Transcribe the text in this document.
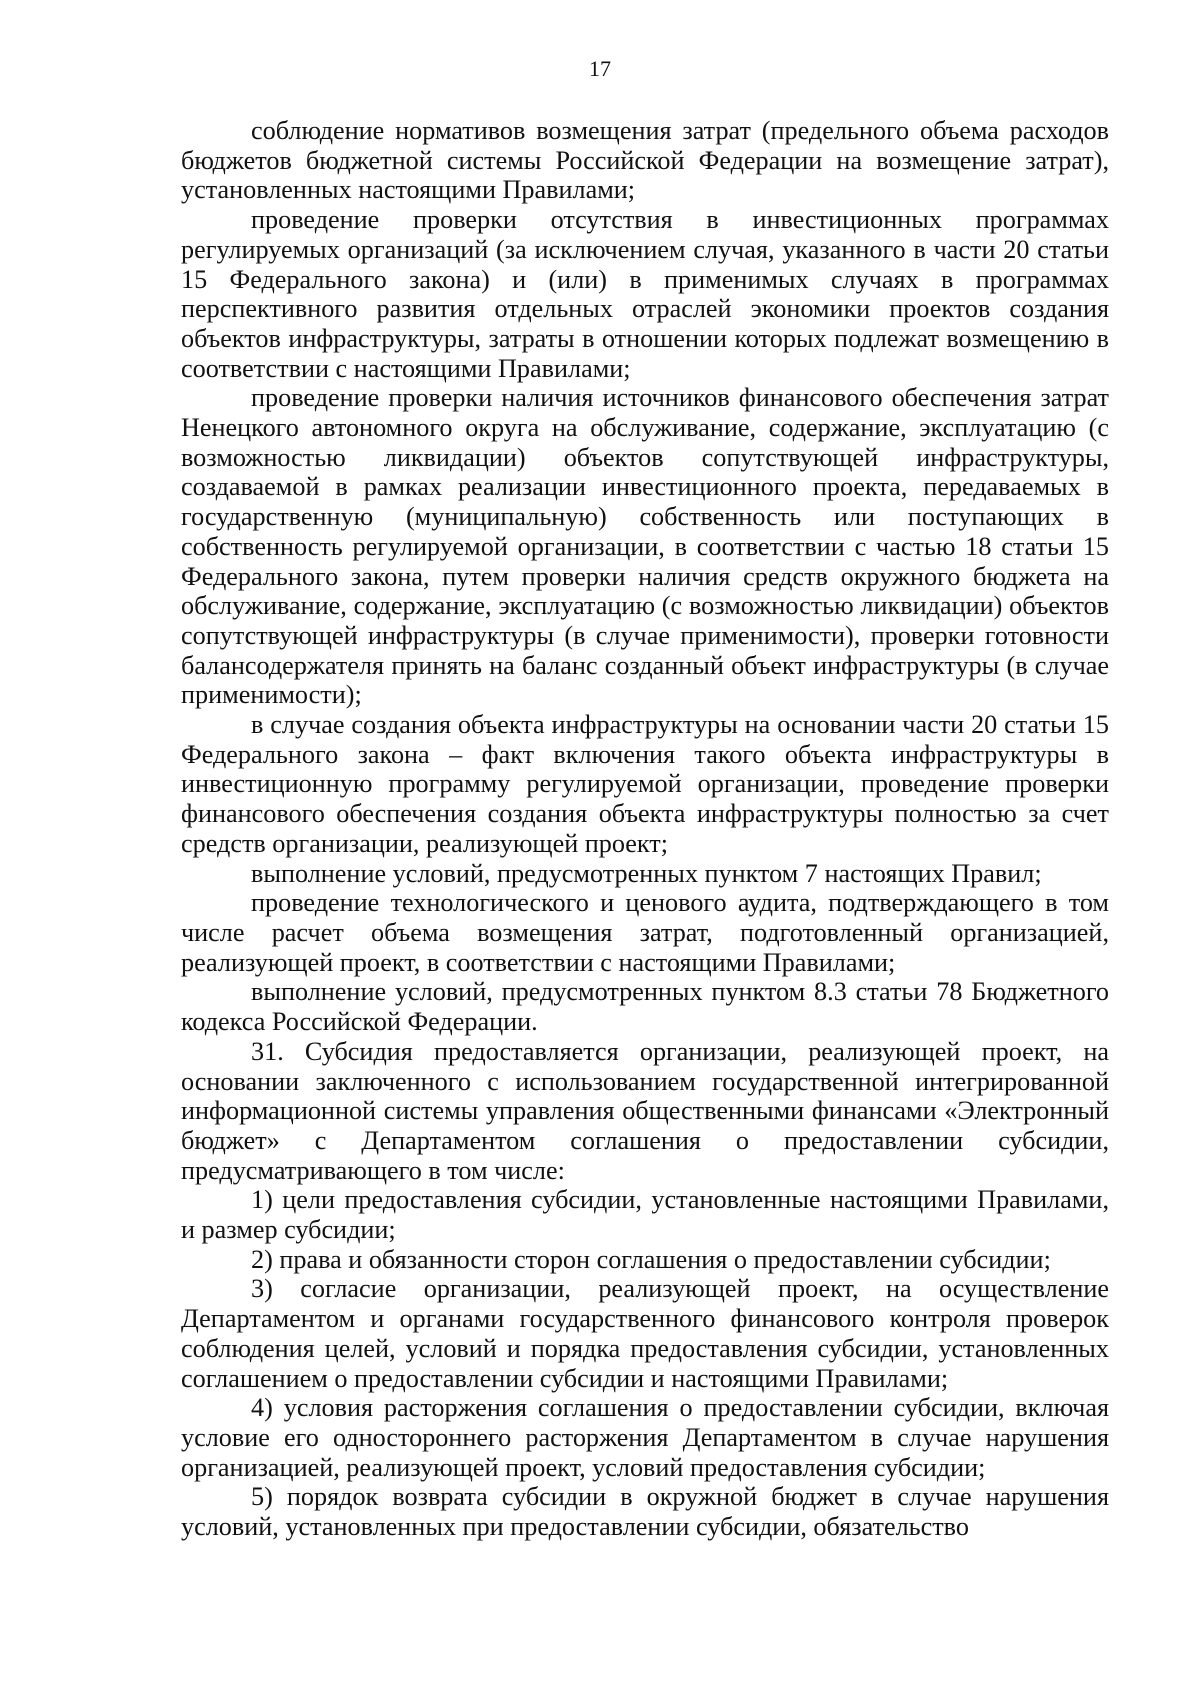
17

соблюдение нормативов возмещения затрат (предельного объема расходов бюджетов бюджетной системы Российской Федерации на возмещение затрат), установленных настоящими Правилами;

проведение проверки отсутствия в инвестиционных программах регулируемых организаций (за исключением случая, указанного в части 20 статьи 15 Федерального закона) и (или) в применимых случаях в программах перспективного развития отдельных отраслей экономики проектов создания объектов инфраструктуры, затраты в отношении которых подлежат возмещению в соответствии с настоящими Правилами;

проведение проверки наличия источников финансового обеспечения затрат Ненецкого автономного округа на обслуживание, содержание, эксплуатацию (с возможностью ликвидации) объектов сопутствующей инфраструктуры, создаваемой в рамках реализации инвестиционного проекта, передаваемых в государственную (муниципальную) собственность или поступающих в собственность регулируемой организации, в соответствии с частью 18 статьи 15 Федерального закона, путем проверки наличия средств окружного бюджета на обслуживание, содержание, эксплуатацию (с возможностью ликвидации) объектов сопутствующей инфраструктуры (в случае применимости), проверки готовности балансодержателя принять на баланс созданный объект инфраструктуры (в случае применимости);

в случае создания объекта инфраструктуры на основании части 20 статьи 15 Федерального закона – факт включения такого объекта инфраструктуры в инвестиционную программу регулируемой организации, проведение проверки финансового обеспечения создания объекта инфраструктуры полностью за счет средств организации, реализующей проект;

выполнение условий, предусмотренных пунктом 7 настоящих Правил;

проведение технологического и ценового аудита, подтверждающего в том числе расчет объема возмещения затрат, подготовленный организацией, реализующей проект, в соответствии с настоящими Правилами;

выполнение условий, предусмотренных пунктом 8.3 статьи 78 Бюджетного кодекса Российской Федерации.

31. Субсидия предоставляется организации, реализующей проект, на основании заключенного с использованием государственной интегрированной информационной системы управления общественными финансами «Электронный бюджет» с Департаментом соглашения о предоставлении субсидии, предусматривающего в том числе:

1) цели предоставления субсидии, установленные настоящими Правилами, и размер субсидии;

2) права и обязанности сторон соглашения о предоставлении субсидии;

3) согласие организации, реализующей проект, на осуществление Департаментом и органами государственного финансового контроля проверок соблюдения целей, условий и порядка предоставления субсидии, установленных соглашением о предоставлении субсидии и настоящими Правилами;

4) условия расторжения соглашения о предоставлении субсидии, включая условие его одностороннего расторжения Департаментом в случае нарушения организацией, реализующей проект, условий предоставления субсидии;

5) порядок возврата субсидии в окружной бюджет в случае нарушения условий, установленных при предоставлении субсидии, обязательство
